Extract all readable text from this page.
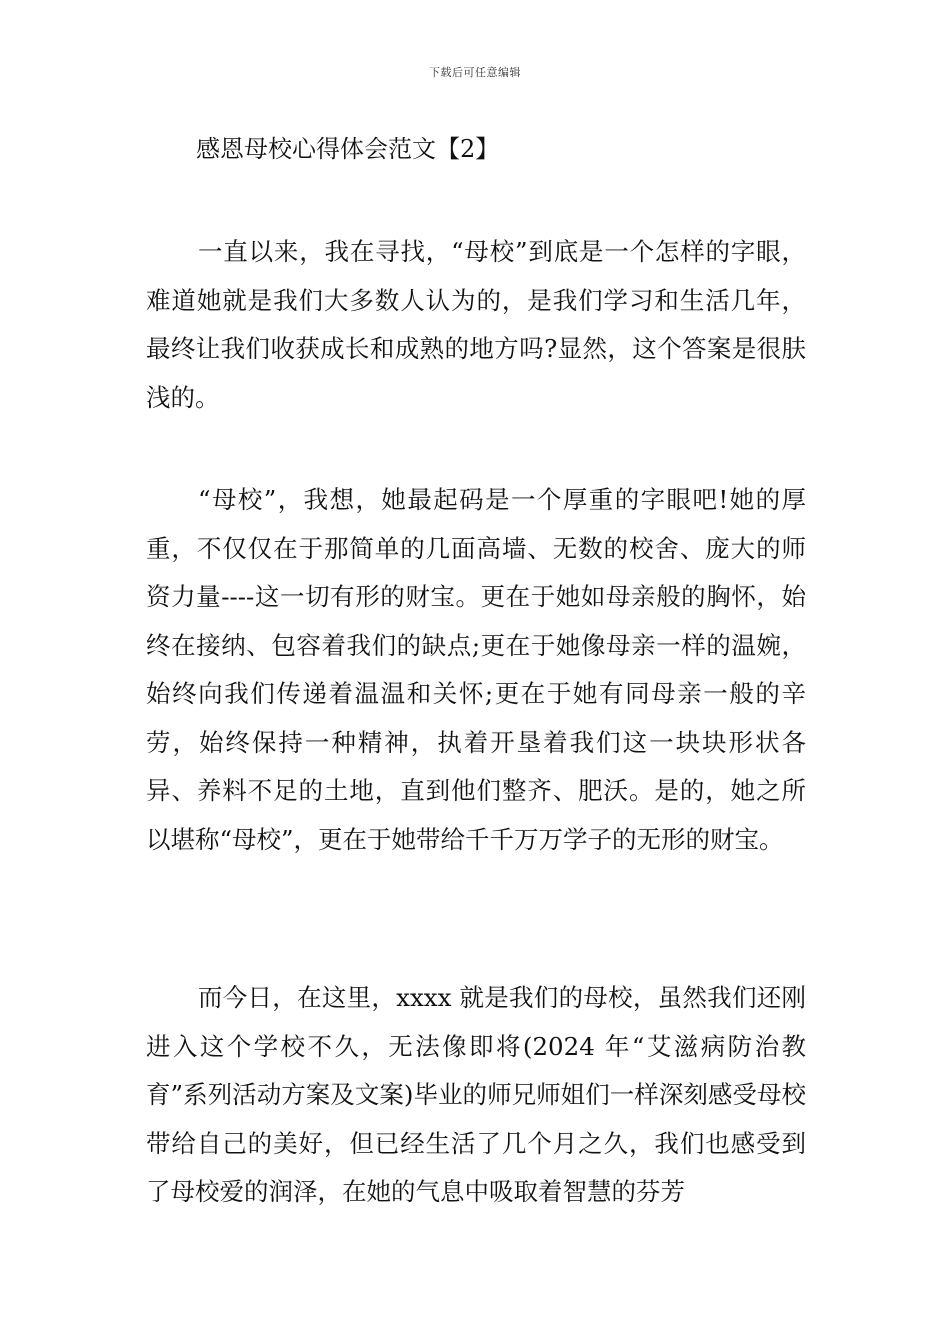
下载后可任意编辑
感恩母校心得体会范文【2】

一直以来，我在寻找，“母校”到底是一个怎样的字眼，难道她就是我们大多数人认为的，是我们学习和生活几年，最终让我们收获成长和成熟的地方吗?显然，这个答案是很肤浅的。

“母校”，我想，她最起码是一个厚重的字眼吧!她的厚重，不仅仅在于那简单的几面高墙、无数的校舍、庞大的师资力量----这一切有形的财宝。更在于她如母亲般的胸怀，始终在接纳、包容着我们的缺点;更在于她像母亲一样的温婉，始终向我们传递着温温和关怀;更在于她有同母亲一般的辛劳，始终保持一种精神，执着开垦着我们这一块块形状各异、养料不足的土地，直到他们整齐、肥沃。是的，她之所以堪称“母校”，更在于她带给千千万万学子的无形的财宝。

而今日，在这里，xxxx 就是我们的母校，虽然我们还刚进入这个学校不久，无法像即将(2024 年“艾滋病防治教育”系列活动方案及文案)毕业的师兄师姐们一样深刻感受母校带给自己的美好，但已经生活了几个月之久，我们也感受到了母校爱的润泽，在她的气息中吸取着智慧的芬芳
